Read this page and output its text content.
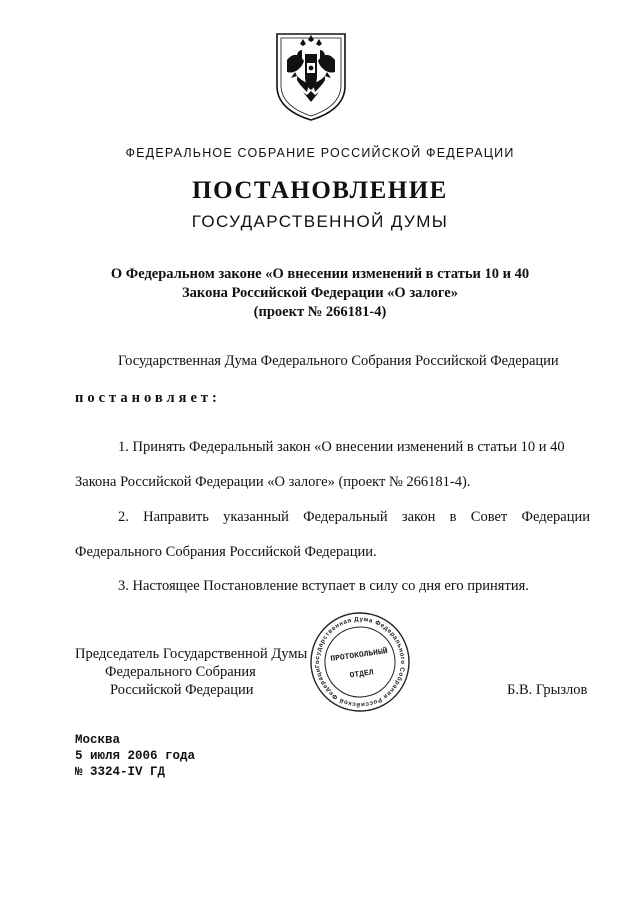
ФЕДЕРАЛЬНОЕ СОБРАНИЕ РОССИЙСКОЙ ФЕДЕРАЦИИ
ПОСТАНОВЛЕНИЕ
ГОСУДАРСТВЕННОЙ ДУМЫ
О Федеральном законе «О внесении изменений в статьи 10 и 40
Закона Российской Федерации «О залоге»
(проект № 266181-4)
Государственная Дума Федерального Собрания Российской Федерации
постановляет:
1. Принять Федеральный закон «О внесении изменений в статьи 10 и 40
Закона Российской Федерации «О залоге» (проект № 266181-4).
2. Направить указанный Федеральный закон в Совет Федерации
Федерального Собрания Российской Федерации.
3. Настоящее Постановление вступает в силу со дня его принятия.
Председатель Государственной Думы
Федерального Собрания
Российской Федерации	Б.В. Грызлов
Государственная Дума Федерального Собрания Российской Федерации
ПРОТОКОЛЬНЫЙ
ОТДЕЛ
Москва
5 июля 2006 года
№ 3324-IV ГД
